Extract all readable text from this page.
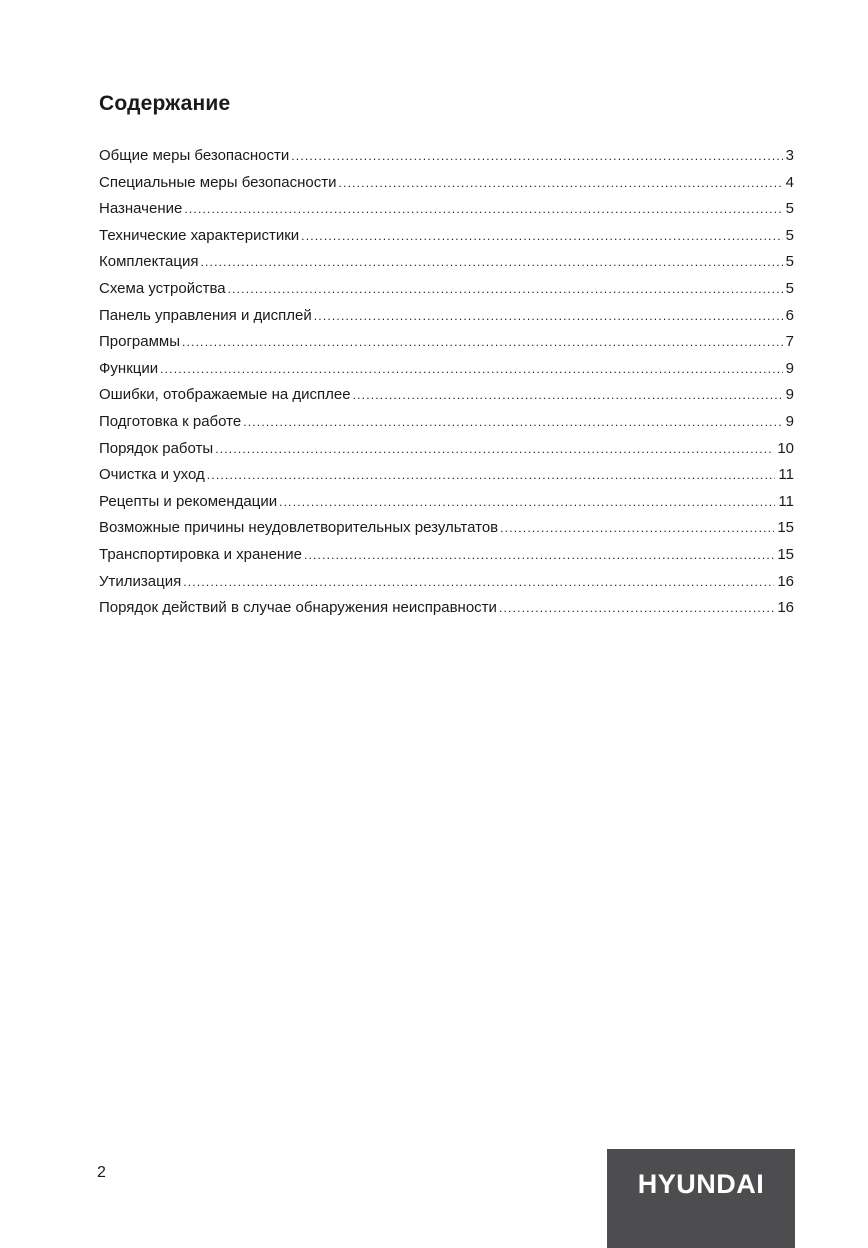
Содержание
Общие меры безопасности .....	3
Специальные меры безопасности .....	4
Назначение .....	5
Технические характеристики .....	5
Комплектация .....	5
Схема устройства .....	5
Панель управления и дисплей .....	6
Программы .....	7
Функции .....	9
Ошибки, отображаемые на дисплее .....	9
Подготовка к работе .....	9
Порядок работы .....	10
Очистка и уход .....	11
Рецепты и рекомендации .....	11
Возможные причины неудовлетворительных результатов .....	15
Транспортировка и хранение .....	15
Утилизация .....	16
Порядок действий в случае обнаружения неисправности .....	16
2	HYUNDAI
